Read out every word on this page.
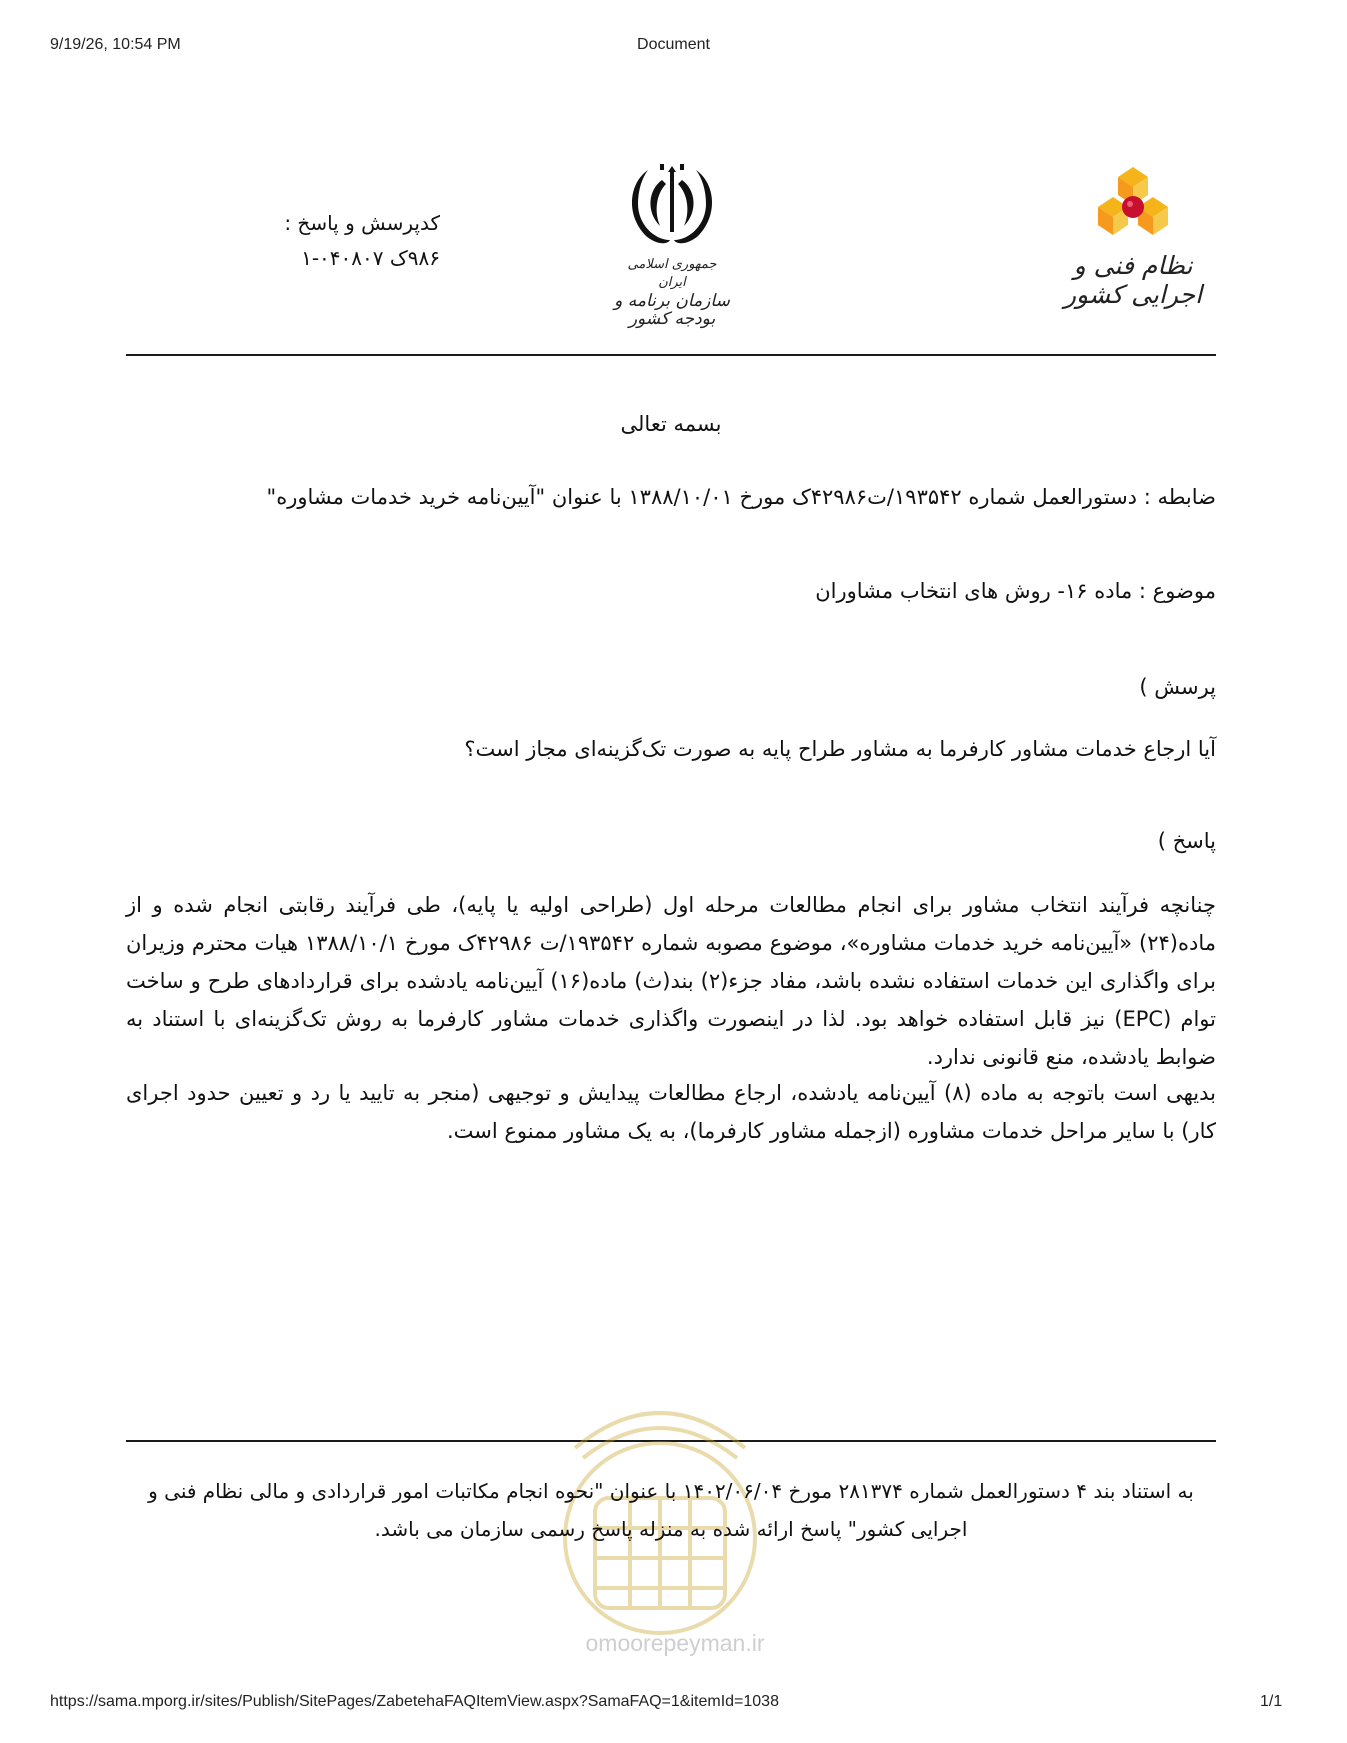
9/19/26, 10:54 PM	Document
کدپرسش و پاسخ :
۹۸۶ک ۰۴۰۸۰۷-۱	جمهوری اسلامی ایران
سازمان برنامه و بودجه کشور
نظام فنی و اجرایی کشور
بسمه تعالی
ضابطه : دستورالعمل شماره ۱۹۳۵۴۲/ت۴۲۹۸۶ک مورخ ۱۳۸۸/۱۰/۰۱ با عنوان "آیین‌نامه خرید خدمات مشاوره"
موضوع : ماده ۱۶- روش های انتخاب مشاوران
پرسش )
آیا ارجاع خدمات مشاور کارفرما به مشاور طراح پایه به صورت تک‌گزینه‌ای مجاز است؟
پاسخ )
چنانچه فرآیند انتخاب مشاور برای انجام مطالعات مرحله اول (طراحی اولیه یا پایه)، طی فرآیند رقابتی انجام شده و از ماده(۲۴) «آیین‌نامه خرید خدمات مشاوره»، موضوع مصوبه شماره ۱۹۳۵۴۲/ت ۴۲۹۸۶ک مورخ ۱۳۸۸/۱۰/۱ هیات محترم وزیران برای واگذاری این خدمات استفاده نشده باشد، مفاد جزء(۲) بند(ث) ماده(۱۶) آیین‌نامه یادشده برای قراردادهای طرح و ساخت توام (EPC) نیز قابل استفاده خواهد بود. لذا در اینصورت واگذاری خدمات مشاور کارفرما به روش تک‌گزینه‌ای با استناد به ضوابط یادشده، منع قانونی ندارد.
بدیهی است باتوجه به ماده (۸) آیین‌نامه یادشده، ارجاع مطالعات پیدایش و توجیهی (منجر به تایید یا رد و تعیین حدود اجرای کار) با سایر مراحل خدمات مشاوره (ازجمله مشاور کارفرما)، به یک مشاور ممنوع است.
به استناد بند ۴ دستورالعمل شماره ۲۸۱۳۷۴ مورخ ۱۴۰۲/۰۶/۰۴ با عنوان "نحوه انجام مکاتبات امور قراردادی و مالی نظام فنی و اجرایی کشور" پاسخ ارائه شده به منزله پاسخ رسمی سازمان می باشد.
omoorepeyman.ir
https://sama.mporg.ir/sites/Publish/SitePages/ZabetehaFAQItemView.aspx?SamaFAQ=1&itemId=1038	1/1
